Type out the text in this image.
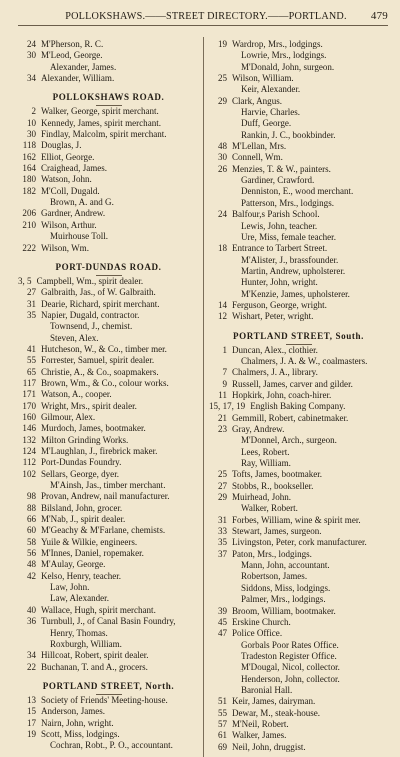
POLLOKSHAWS.——STREET DIRECTORY.——PORTLAND.	479
24 M'Pherson, R. C.
30 M'Leod, George.
Alexander, James.
34 Alexander, William.
POLLOKSHAWS ROAD.
2 Walker, George, spirit merchant.
10 Kennedy, James, spirit merchant.
30 Findlay, Malcolm, spirit merchant.
118 Douglas, J.
162 Elliot, George.
164 Craighead, James.
180 Watson, John.
182 M'Coll, Dugald.
Brown, A. and G.
206 Gardner, Andrew.
210 Wilson, Arthur.
Muirhouse Toll.
222 Wilson, Wm.
PORT-DUNDAS ROAD.
3, 5 Campbell, Wm., spirit dealer.
27 Galbraith, Jas., of W. Galbraith.
31 Dearie, Richard, spirit merchant.
35 Napier, Dugald, contractor.
Townsend, J., chemist.
Steven, Alex.
41 Hutcheson, W., & Co., timber mer.
55 Forrester, Samuel, spirit dealer.
65 Christie, A., & Co., soapmakers.
117 Brown, Wm., & Co., colour works.
171 Watson, A., cooper.
170 Wright, Mrs., spirit dealer.
160 Gilmour, Alex.
146 Murdoch, James, bootmaker.
132 Milton Grinding Works.
124 M'Laughlan, J., firebrick maker.
112 Port-Dundas Foundry.
102 Sellars, George, dyer.
M'Ainsh, Jas., timber merchant.
98 Provan, Andrew, nail manufacturer.
88 Bilsland, John, grocer.
66 M'Nab, J., spirit dealer.
60 M'Geachy & M'Farlane, chemists.
58 Yuile & Wilkie, engineers.
56 M'Innes, Daniel, ropemaker.
48 M'Aulay, George.
42 Kelso, Henry, teacher.
Law, John.
Law, Alexander.
40 Wallace, Hugh, spirit merchant.
36 Turnbull, J., of Canal Basin Foundry,
Henry, Thomas.
Roxburgh, William.
34 Hillcoat, Robert, spirit dealer.
22 Buchanan, T. and A., grocers.
PORTLAND STREET, North.
13 Society of Friends' Meeting-house.
15 Anderson, James.
17 Nairn, John, wright.
19 Scott, Miss, lodgings.
Cochran, Robt., P. O., accountant.
19 Wardrop, Mrs., lodgings.
Lowrie, Mrs., lodgings.
M'Donald, John, surgeon.
25 Wilson, William.
Keir, Alexander.
29 Clark, Angus.
Harvie, Charles.
Duff, George.
Rankin, J. C., bookbinder.
48 M'Lellan, Mrs.
30 Connell, Wm.
26 Menzies, T. & W., painters.
Gardiner, Crawford.
Denniston, E., wood merchant.
Patterson, Mrs., lodgings.
24 Balfour,s Parish School.
Lewis, John, teacher.
Ure, Miss, female teacher.
18 Entrance to Tarbert Street.
M'Alister, J., brassfounder.
Martin, Andrew, upholsterer.
Hunter, John, wright.
M'Kenzie, James, upholsterer.
14 Ferguson, George, wright.
12 Wishart, Peter, wright.
PORTLAND STREET, South.
1 Duncan, Alex., clothier.
Chalmers, J. A. & W., coalmasters.
7 Chalmers, J. A., library.
9 Russell, James, carver and gilder.
11 Hopkirk, John, coach-hirer.
15, 17, 19 English Baking Company.
21 Gemmill, Robert, cabinetmaker.
23 Gray, Andrew.
M'Donnel, Arch., surgeon.
Lees, Robert.
Ray, William.
25 Tofts, James, bootmaker.
27 Stobbs, R., bookseller.
29 Muirhead, John.
Walker, Robert.
31 Forbes, William, wine & spirit mer.
33 Stewart, James, surgeon.
35 Livingston, Peter, cork manufacturer.
37 Paton, Mrs., lodgings.
Mann, John, accountant.
Robertson, James.
Siddons, Miss, lodgings.
Palmer, Mrs., lodgings.
39 Broom, William, bootmaker.
45 Erskine Church.
47 Police Office.
Gorbals Poor Rates Office.
Tradeston Register Office.
M'Dougal, Nicol, collector.
Henderson, John, collector.
Baronial Hall.
51 Keir, James, dairyman.
55 Dewar, M., steak-house.
57 M'Neil, Robert.
61 Walker, James.
69 Neil, John, druggist.
